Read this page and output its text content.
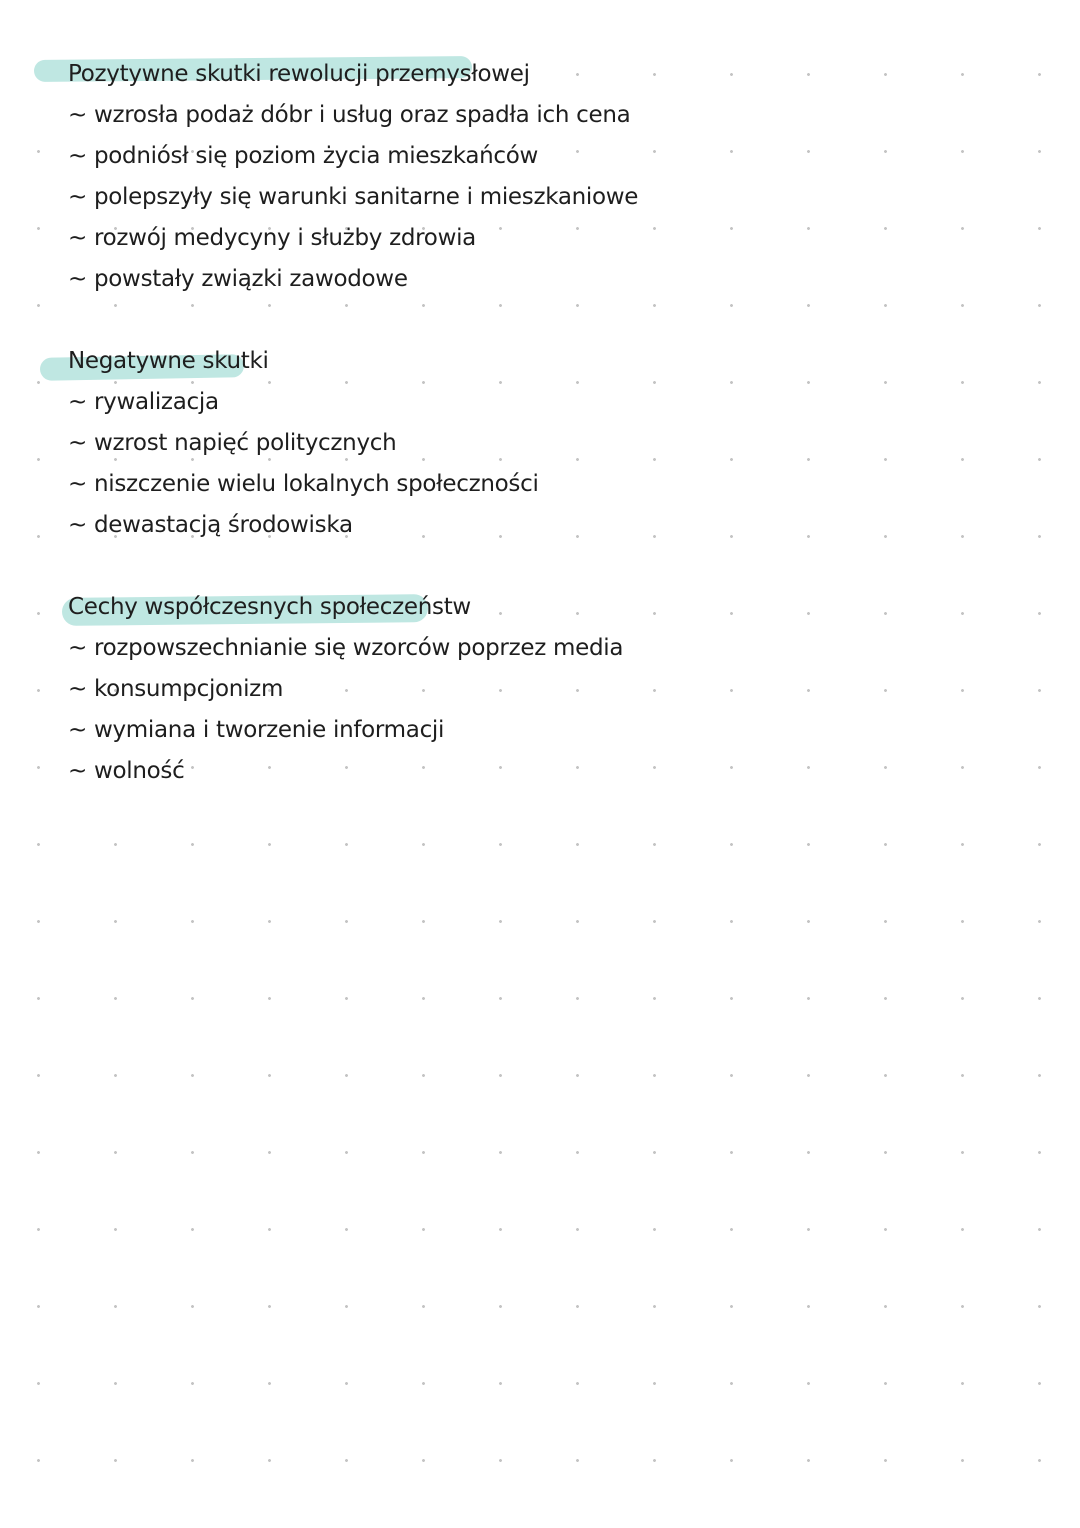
Pozytywne skutki rewolucji przemysłowej
~ wzrosła podaż dóbr i usług oraz spadła ich cena
~ podniósł się poziom życia mieszkańców
~ polepszyły się warunki sanitarne i mieszkaniowe
~ rozwój medycyny i służby zdrowia
~ powstały związki zawodowe
Negatywne skutki
~ rywalizacja
~ wzrost napięć politycznych
~ niszczenie wielu lokalnych społeczności
~ dewastacją środowiska
Cechy współczesnych społeczeństw
~ rozpowszechnianie się wzorców poprzez media
~ konsumpcjonizm
~ wymiana i tworzenie informacji
~ wolność
